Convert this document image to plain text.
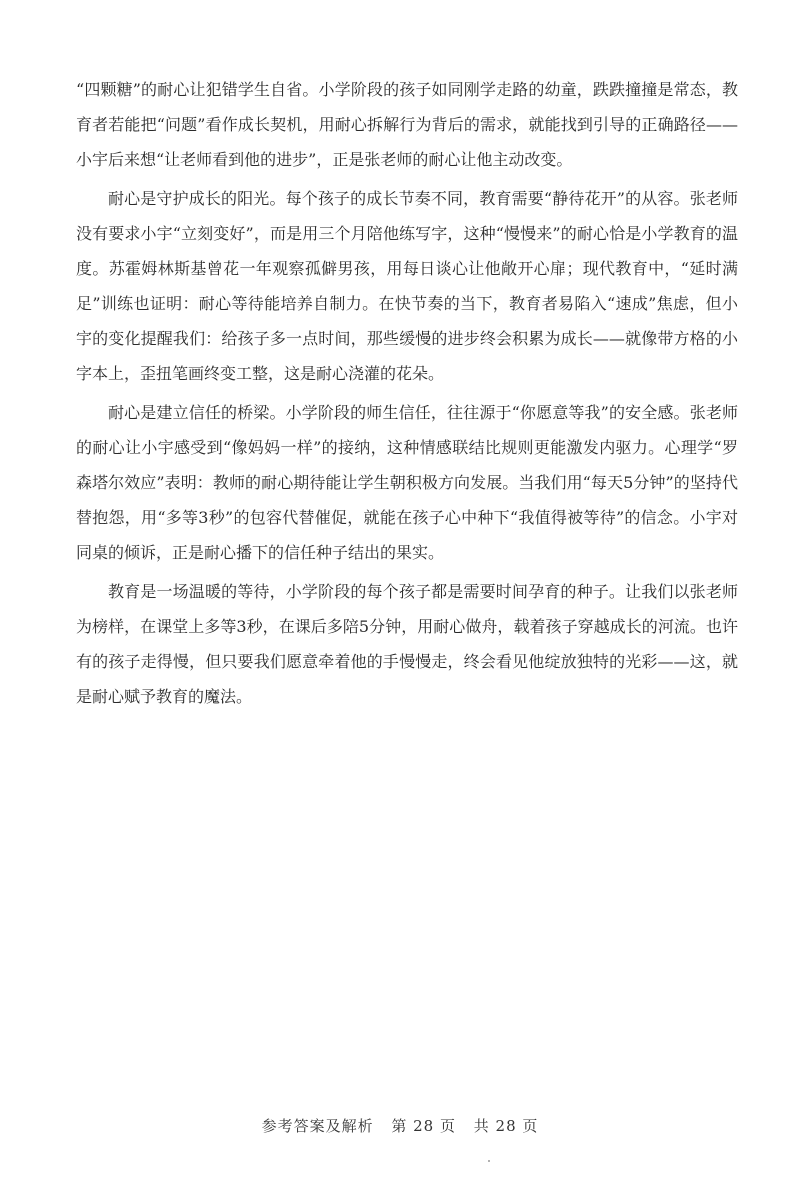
“四颗糖”的耐心让犯错学生自省。小学阶段的孩子如同刚学走路的幼童，跌跌撞撞是常态，教育者若能把“问题”看作成长契机，用耐心拆解行为背后的需求，就能找到引导的正确路径——小宇后来想“让老师看到他的进步”，正是张老师的耐心让他主动改变。

耐心是守护成长的阳光。每个孩子的成长节奏不同，教育需要“静待花开”的从容。张老师没有要求小宇“立刻变好”，而是用三个月陪他练写字，这种“慢慢来”的耐心恰是小学教育的温度。苏霍姆林斯基曾花一年观察孤僻男孩，用每日谈心让他敞开心扉；现代教育中，“延时满足”训练也证明：耐心等待能培养自制力。在快节奏的当下，教育者易陷入“速成”焦虑，但小宇的变化提醒我们：给孩子多一点时间，那些缓慢的进步终会积累为成长——就像带方格的小字本上，歪扭笔画终变工整，这是耐心浇灌的花朵。

耐心是建立信任的桥梁。小学阶段的师生信任，往往源于“你愿意等我”的安全感。张老师的耐心让小宇感受到“像妈妈一样”的接纳，这种情感联结比规则更能激发内驱力。心理学“罗森塔尔效应”表明：教师的耐心期待能让学生朝积极方向发展。当我们用“每天5分钟”的坚持代替抱怨，用“多等3秒”的包容代替催促，就能在孩子心中种下“我值得被等待”的信念。小宇对同桌的倾诉，正是耐心播下的信任种子结出的果实。

教育是一场温暖的等待，小学阶段的每个孩子都是需要时间孕育的种子。让我们以张老师为榜样，在课堂上多等3秒，在课后多陪5分钟，用耐心做舟，载着孩子穿越成长的河流。也许有的孩子走得慢，但只要我们愿意牵着他的手慢慢走，终会看见他绽放独特的光彩——这，就是耐心赋予教育的魔法。

参考答案及解析 第 28 页 共 28 页
